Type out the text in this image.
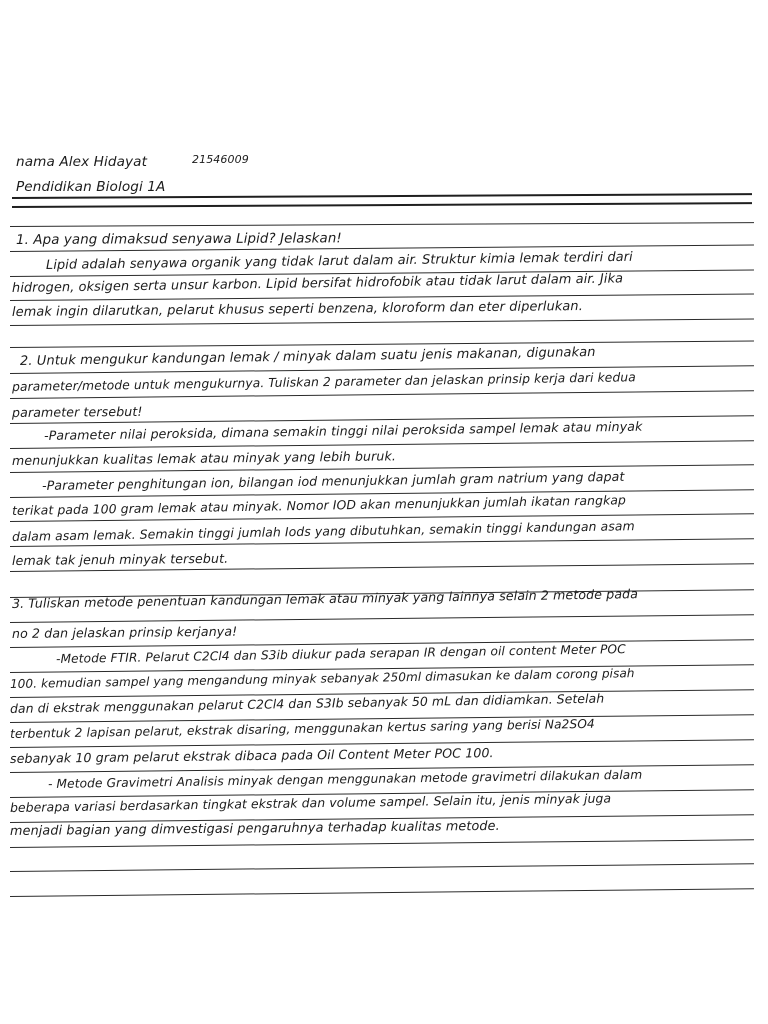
nama Alex Hidayat	21546009
Pendidikan Biologi 1A
1. Apa yang dimaksud senyawa Lipid? Jelaskan!
Lipid adalah senyawa organik yang tidak larut dalam air. Struktur kimia lemak terdiri dari
hidrogen, oksigen serta unsur karbon. Lipid bersifat hidrofobik atau tidak larut dalam air. Jika
lemak ingin dilarutkan, pelarut khusus seperti benzena, kloroform dan eter diperlukan.
2. Untuk mengukur kandungan lemak / minyak dalam suatu jenis makanan, digunakan
parameter/metode untuk mengukurnya. Tuliskan 2 parameter dan jelaskan prinsip kerja dari kedua
parameter tersebut!
-Parameter nilai peroksida, dimana semakin tinggi nilai peroksida sampel lemak atau minyak
menunjukkan kualitas lemak atau minyak yang lebih buruk.
-Parameter penghitungan ion, bilangan iod menunjukkan jumlah gram natrium yang dapat
terikat pada 100 gram lemak atau minyak. Nomor IOD akan menunjukkan jumlah ikatan rangkap
dalam asam lemak. Semakin tinggi jumlah Iods yang dibutuhkan, semakin tinggi kandungan asam
lemak tak jenuh minyak tersebut.
3. Tuliskan metode penentuan kandungan lemak atau minyak yang lainnya selain 2 metode pada
no 2 dan jelaskan prinsip kerjanya!
-Metode FTIR. Pelarut C2Cl4 dan S3ib diukur pada serapan IR dengan oil content Meter POC
100. kemudian sampel yang mengandung minyak sebanyak 250ml dimasukan ke dalam corong pisah
dan di ekstrak menggunakan pelarut C2Cl4 dan S3Ib sebanyak 50 mL dan didiamkan. Setelah
terbentuk 2 lapisan pelarut, ekstrak disaring, menggunakan kertus saring yang berisi Na2SO4
sebanyak 10 gram pelarut ekstrak dibaca pada Oil Content Meter POC 100.
- Metode Gravimetri Analisis minyak dengan menggunakan metode gravimetri dilakukan dalam
beberapa variasi berdasarkan tingkat ekstrak dan volume sampel. Selain itu, jenis minyak juga
menjadi bagian yang dimvestigasi pengaruhnya terhadap kualitas metode.
